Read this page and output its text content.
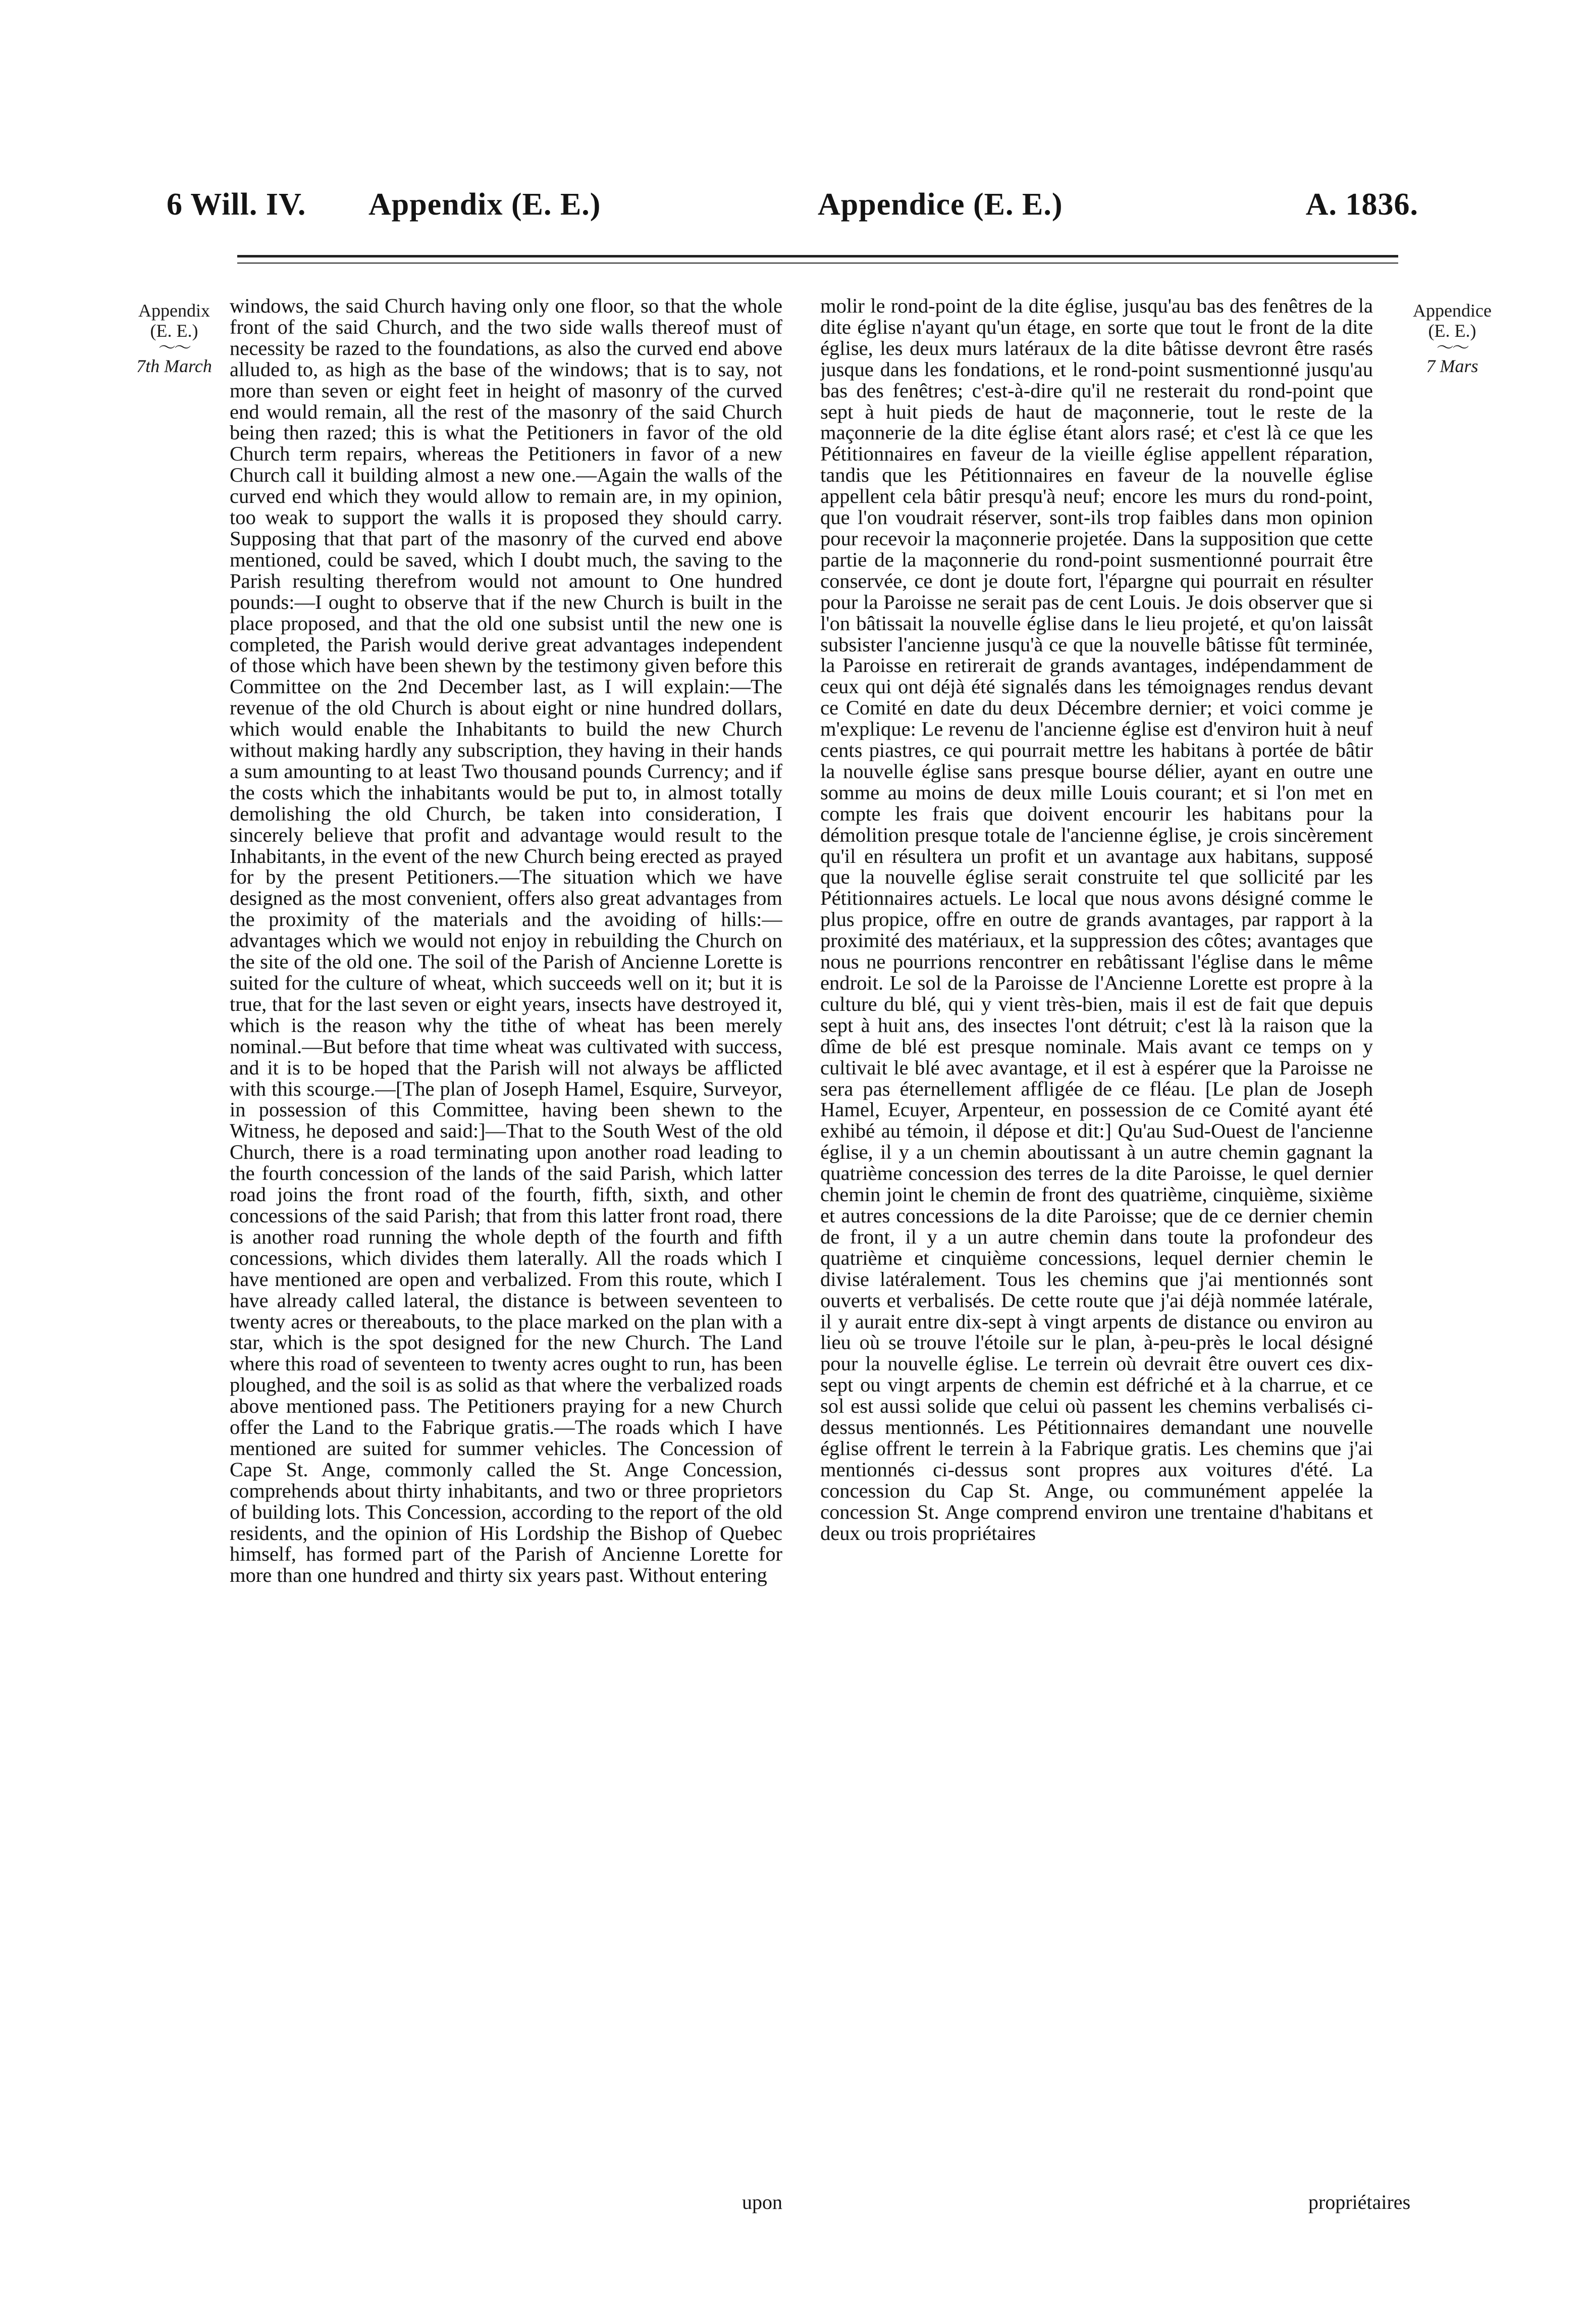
6 Will. IV. Appendix (E. E.)	Appendice (E. E.)	A. 1836.
Appendix
(E. E.)
〜〜
7th March
Appendice
(E. E.)
〜〜
7 Mars

windows, the said Church having only one floor, so that the whole front of the said Church, and the two side walls thereof must of necessity be razed to the foundations, as also the curved end above alluded to, as high as the base of the windows; that is to say, not more than seven or eight feet in height of masonry of the curved end would remain, all the rest of the masonry of the said Church being then razed; this is what the Petitioners in favor of the old Church term repairs, whereas the Petitioners in favor of a new Church call it building almost a new one.—Again the walls of the curved end which they would allow to remain are, in my opinion, too weak to support the walls it is proposed they should carry. Supposing that that part of the masonry of the curved end above mentioned, could be saved, which I doubt much, the saving to the Parish resulting therefrom would not amount to One hundred pounds:—I ought to observe that if the new Church is built in the place proposed, and that the old one subsist until the new one is completed, the Parish would derive great advantages independent of those which have been shewn by the testimony given before this Committee on the 2nd December last, as I will explain:—The revenue of the old Church is about eight or nine hundred dollars, which would enable the Inhabitants to build the new Church without making hardly any subscription, they having in their hands a sum amounting to at least Two thousand pounds Currency; and if the costs which the inhabitants would be put to, in almost totally demolishing the old Church, be taken into consideration, I sincerely believe that profit and advantage would result to the Inhabitants, in the event of the new Church being erected as prayed for by the present Petitioners.—The situation which we have designed as the most convenient, offers also great advantages from the proximity of the materials and the avoiding of hills:—advantages which we would not enjoy in rebuilding the Church on the site of the old one. The soil of the Parish of Ancienne Lorette is suited for the culture of wheat, which succeeds well on it; but it is true, that for the last seven or eight years, insects have destroyed it, which is the reason why the tithe of wheat has been merely nominal.—But before that time wheat was cultivated with success, and it is to be hoped that the Parish will not always be afflicted with this scourge.—[The plan of Joseph Hamel, Esquire, Surveyor, in possession of this Committee, having been shewn to the Witness, he deposed and said:]—That to the South West of the old Church, there is a road terminating upon another road leading to the fourth concession of the lands of the said Parish, which latter road joins the front road of the fourth, fifth, sixth, and other concessions of the said Parish; that from this latter front road, there is another road running the whole depth of the fourth and fifth concessions, which divides them laterally. All the roads which I have mentioned are open and verbalized. From this route, which I have already called lateral, the distance is between seventeen to twenty acres or thereabouts, to the place marked on the plan with a star, which is the spot designed for the new Church. The Land where this road of seventeen to twenty acres ought to run, has been ploughed, and the soil is as solid as that where the verbalized roads above mentioned pass. The Petitioners praying for a new Church offer the Land to the Fabrique gratis.—The roads which I have mentioned are suited for summer vehicles. The Concession of Cape St. Ange, commonly called the St. Ange Concession, comprehends about thirty inhabitants, and two or three proprietors of building lots. This Concession, according to the report of the old residents, and the opinion of His Lordship the Bishop of Quebec himself, has formed part of the Parish of Ancienne Lorette for more than one hundred and thirty six years past. Without entering

molir le rond-point de la dite église, jusqu'au bas des fenêtres de la dite église n'ayant qu'un étage, en sorte que tout le front de la dite église, les deux murs latéraux de la dite bâtisse devront être rasés jusque dans les fondations, et le rond-point susmentionné jusqu'au bas des fenêtres; c'est-à-dire qu'il ne resterait du rond-point que sept à huit pieds de haut de maçonnerie, tout le reste de la maçonnerie de la dite église étant alors rasé; et c'est là ce que les Pétitionnaires en faveur de la vieille église appellent réparation, tandis que les Pétitionnaires en faveur de la nouvelle église appellent cela bâtir presqu'à neuf; encore les murs du rond-point, que l'on voudrait réserver, sont-ils trop faibles dans mon opinion pour recevoir la maçonnerie projetée. Dans la supposition que cette partie de la maçonnerie du rond-point susmentionné pourrait être conservée, ce dont je doute fort, l'épargne qui pourrait en résulter pour la Paroisse ne serait pas de cent Louis. Je dois observer que si l'on bâtissait la nouvelle église dans le lieu projeté, et qu'on laissât subsister l'ancienne jusqu'à ce que la nouvelle bâtisse fût terminée, la Paroisse en retirerait de grands avantages, indépendamment de ceux qui ont déjà été signalés dans les témoignages rendus devant ce Comité en date du deux Décembre dernier; et voici comme je m'explique: Le revenu de l'ancienne église est d'environ huit à neuf cents piastres, ce qui pourrait mettre les habitans à portée de bâtir la nouvelle église sans presque bourse délier, ayant en outre une somme au moins de deux mille Louis courant; et si l'on met en compte les frais que doivent encourir les habitans pour la démolition presque totale de l'ancienne église, je crois sincèrement qu'il en résultera un profit et un avantage aux habitans, supposé que la nouvelle église serait construite tel que sollicité par les Pétitionnaires actuels. Le local que nous avons désigné comme le plus propice, offre en outre de grands avantages, par rapport à la proximité des matériaux, et la suppression des côtes; avantages que nous ne pourrions rencontrer en rebâtissant l'église dans le même endroit. Le sol de la Paroisse de l'Ancienne Lorette est propre à la culture du blé, qui y vient très-bien, mais il est de fait que depuis sept à huit ans, des insectes l'ont détruit; c'est là la raison que la dîme de blé est presque nominale. Mais avant ce temps on y cultivait le blé avec avantage, et il est à espérer que la Paroisse ne sera pas éternellement affligée de ce fléau. [Le plan de Joseph Hamel, Ecuyer, Arpenteur, en possession de ce Comité ayant été exhibé au témoin, il dépose et dit:] Qu'au Sud-Ouest de l'ancienne église, il y a un chemin aboutissant à un autre chemin gagnant la quatrième concession des terres de la dite Paroisse, le quel dernier chemin joint le chemin de front des quatrième, cinquième, sixième et autres concessions de la dite Paroisse; que de ce dernier chemin de front, il y a un autre chemin dans toute la profondeur des quatrième et cinquième concessions, lequel dernier chemin le divise latéralement. Tous les chemins que j'ai mentionnés sont ouverts et verbalisés. De cette route que j'ai déjà nommée latérale, il y aurait entre dix-sept à vingt arpents de distance ou environ au lieu où se trouve l'étoile sur le plan, à-peu-près le local désigné pour la nouvelle église. Le terrein où devrait être ouvert ces dix-sept ou vingt arpents de chemin est défriché et à la charrue, et ce sol est aussi solide que celui où passent les chemins verbalisés ci-dessus mentionnés. Les Pétitionnaires demandant une nouvelle église offrent le terrein à la Fabrique gratis. Les chemins que j'ai mentionnés ci-dessus sont propres aux voitures d'été. La concession du Cap St. Ange, ou communément appelée la concession St. Ange comprend environ une trentaine d'habitans et deux ou trois propriétaires

upon	propriétaires
